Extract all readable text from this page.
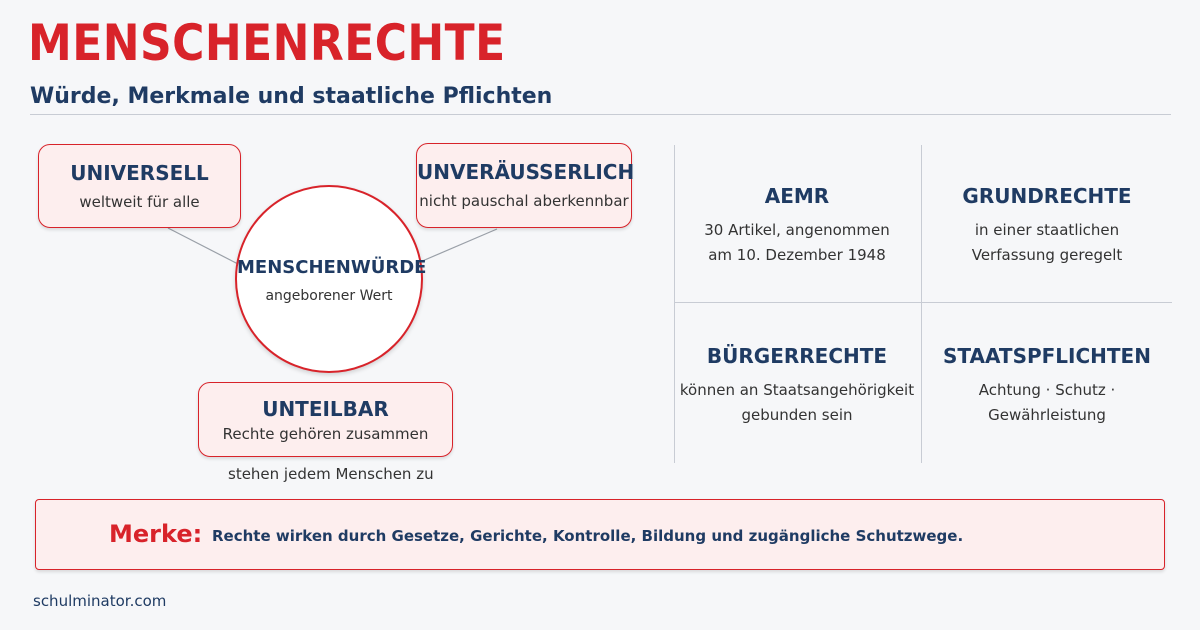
MENSCHENRECHTE
Würde, Merkmale und staatliche Pflichten
UNIVERSELL
weltweit für alle
UNVERÄUSSERLICH
nicht pauschal aberkennbar
MENSCHENWÜRDE
angeborener Wert
UNTEILBAR
Rechte gehören zusammen
stehen jedem Menschen zu
AEMR
30 Artikel, angenommen
am 10. Dezember 1948
GRUNDRECHTE
in einer staatlichen
Verfassung geregelt
BÜRGERRECHTE
können an Staatsangehörigkeit
gebunden sein
STAATSPFLICHTEN
Achtung · Schutz ·
Gewährleistung
Merke: Rechte wirken durch Gesetze, Gerichte, Kontrolle, Bildung und zugängliche Schutzwege.
schulminator.com
